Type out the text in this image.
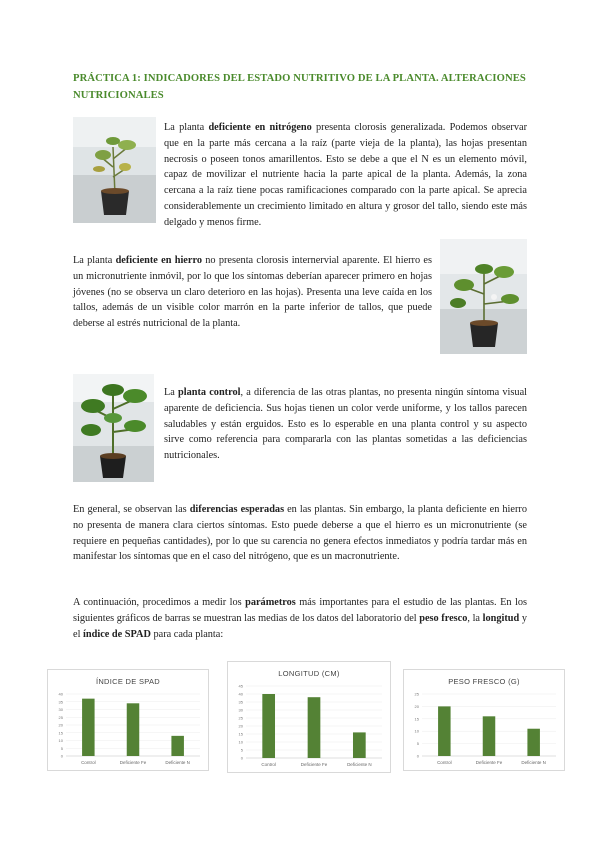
PRÁCTICA 1: INDICADORES DEL ESTADO NUTRITIVO DE LA PLANTA. ALTERACIONES NUTRICIONALES

La planta deficiente en nitrógeno presenta clorosis generalizada. Podemos observar que en la parte más cercana a la raíz (parte vieja de la planta), las hojas presentan necrosis o poseen tonos amarillentos. Esto se debe a que el N es un elemento móvil, capaz de movilizar el nutriente hacia la parte apical de la planta. Además, la zona cercana a la raíz tiene pocas ramificaciones comparado con la parte apical. Se aprecia considerablemente un crecimiento limitado en altura y grosor del tallo, siendo este más delgado y menos firme.

La planta deficiente en hierro no presenta clorosis internervial aparente. El hierro es un micronutriente inmóvil, por lo que los síntomas deberían aparecer primero en hojas jóvenes (no se observa un claro deterioro en las hojas). Presenta una leve caída en los tallos, además de un visible color marrón en la parte inferior de tallos, que puede deberse al estrés nutricional de la planta.

La planta control, a diferencia de las otras plantas, no presenta ningún síntoma visual aparente de deficiencia. Sus hojas tienen un color verde uniforme, y los tallos parecen saludables y están erguidos. Esto es lo esperable en una planta control y su aspecto sirve como referencia para compararla con las plantas sometidas a las deficiencias nutricionales.

En general, se observan las diferencias esperadas en las plantas. Sin embargo, la planta deficiente en hierro no presenta de manera clara ciertos síntomas. Esto puede deberse a que el hierro es un micronutriente (se requiere en pequeñas cantidades), por lo que su carencia no genera efectos inmediatos y podría tardar más en manifestar los síntomas que en el caso del nitrógeno, que es un macronutriente.

A continuación, procedimos a medir los parámetros más importantes para el estudio de las plantas. En los siguientes gráficos de barras se muestran las medias de los datos del laboratorio del peso fresco, la longitud y el índice de SPAD para cada planta:

ÍNDICE DE SPAD
40
35
30
25
20
15
10
5
0
Control	Deficiente Fe	Deficiente N
LONGITUD (CM)
45
40
35
30
25
20
15
10
5
0
Control	Deficiente Fe	Deficiente N
PESO FRESCO (G)
25
20
15
10
5
0
Control	Deficiente Fe	Deficiente N
